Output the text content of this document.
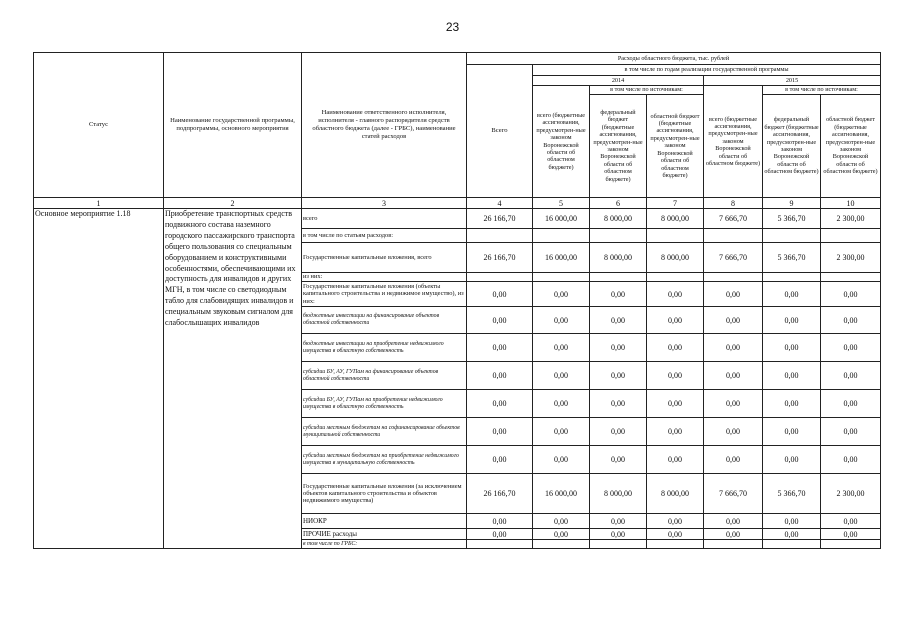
23
Статус	Наименование государственной программы, подпрограммы, основного мероприятия	Наименование ответственного исполнителя, исполнителя - главного распорядителя средств областного бюджета (далее - ГРБС), наименование статей расходов	Расходы областного бюджета, тыс. рублей						
			Всего	в том числе по годам реализации государственной программы					
				2014			2015		
				всего (бюджетные ассигнования, предусмотрен-ные законом Воронежской области об областном бюджете)	в том числе по источникам:		всего (бюджетные ассигнования, предусмотрен-ные законом Воронежской области об областном бюджете)	в том числе по источникам:	
					федеральный бюджет (бюджетные ассигнования, предусмотрен-ные законом Воронежской области об областном бюджете)	областной бюджет (бюджетные ассигнования, предусмотрен-ные законом Воронежской области об областном бюджете)		федеральный бюджет (бюджетные ассигнования, предусмотрен-ные законом Воронежской области об областном бюджете)	областной бюджет (бюджетные ассигнования, предусмотрен-ные законом Воронежской области об областном бюджете)
1	2	3	4	5	6	7	8	9	10
Основное мероприятие 1.18	Приобретение транспортных средств подвижного состава наземного городского пассажирского транспорта общего пользования со специальным оборудованием и конструктивными особенностями, обеспечивающими их доступность для инвалидов и других МГН, в том числе со светодиодным табло для слабовидящих инвалидов и специальным звуковым сигналом для слабослышащих инвалидов	всего	26 166,70	16 000,00	8 000,00	8 000,00	7 666,70	5 366,70	2 300,00
		в том числе по статьям расходов:							
		Государственные капитальные вложения, всего	26 166,70	16 000,00	8 000,00	8 000,00	7 666,70	5 366,70	2 300,00
		из них:							
		Государственные капитальные вложения (объекты капитального строительства и недвижимое имущество), из них:	0,00	0,00	0,00	0,00	0,00	0,00	0,00
		бюджетные инвестиции на финансирование объектов областной собственности	0,00	0,00	0,00	0,00	0,00	0,00	0,00
		бюджетные инвестиции на приобретение недвижимого имущества в областную собственность	0,00	0,00	0,00	0,00	0,00	0,00	0,00
		субсидии БУ, АУ, ГУПам на финансирование объектов областной собственности	0,00	0,00	0,00	0,00	0,00	0,00	0,00
		субсидии БУ, АУ, ГУПам на приобретение недвижимого имущества в областную собственность	0,00	0,00	0,00	0,00	0,00	0,00	0,00
		субсидии местным бюджетам на софинансирование объектов муниципальной собственности	0,00	0,00	0,00	0,00	0,00	0,00	0,00
		субсидии местным бюджетам на приобретение недвижимого имущества в муниципальную собственность	0,00	0,00	0,00	0,00	0,00	0,00	0,00
		Государственные капитальные вложения (за исключением объектов капитального строительства и объектов недвижимого имущества)	26 166,70	16 000,00	8 000,00	8 000,00	7 666,70	5 366,70	2 300,00
		НИОКР	0,00	0,00	0,00	0,00	0,00	0,00	0,00
		ПРОЧИЕ расходы	0,00	0,00	0,00	0,00	0,00	0,00	0,00
		в том числе по ГРБС:							
